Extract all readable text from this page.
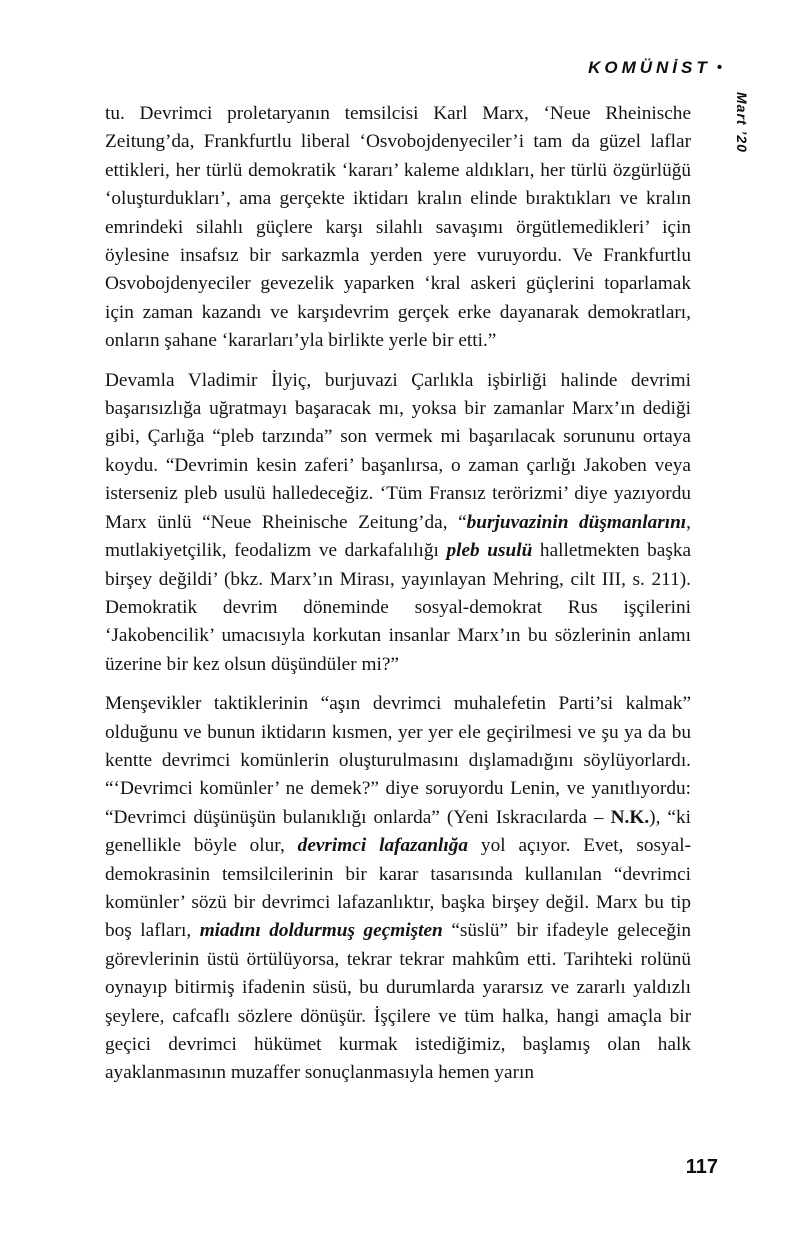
KOMÜNİST •
Mart ’20

tu. Devrimci proletaryanın temsilcisi Karl Marx, ‘Neue Rheinische Zeitung’da, Frankfurtlu liberal ‘Osvobojdenyeciler’i tam da güzel laflar ettikleri, her türlü demokratik ‘kararı’ kaleme aldıkları, her türlü özgürlüğü ‘oluşturdukları’, ama gerçekte iktidarı kralın elinde bıraktıkları ve kralın emrindeki silahlı güçlere karşı silahlı savaşımı örgütlemedikleri’ için öylesine insafsız bir sarkazmla yerden yere vuruyordu. Ve Frankfurtlu Osvobojdenyeciler gevezelik yaparken ‘kral askeri güçlerini toparlamak için zaman kazandı ve karşıdevrim gerçek erke dayanarak demokratları, onların şahane ‘kararları’yla birlikte yerle bir etti.”

Devamla Vladimir İlyiç, burjuvazi Çarlıkla işbirliği halinde devrimi başarısızlığa uğratmayı başaracak mı, yoksa bir zamanlar Marx’ın dediği gibi, Çarlığa “pleb tarzında” son vermek mi başarılacak sorununu ortaya koydu. “Devrimin kesin zaferi’ başanlırsa, o zaman çarlığı Jakoben veya isterseniz pleb usulü halledeceğiz. ‘Tüm Fransız terörizmi’ diye yazıyordu Marx ünlü “Neue Rheinische Zeitung’da, “burjuvazinin düşmanlarını, mutlakiyetçilik, feodalizm ve darkafalılığı pleb usulü halletmekten başka birşey değildi’ (bkz. Marx’ın Mirası, yayınlayan Mehring, cilt III, s. 211). Demokratik devrim döneminde sosyal-demokrat Rus işçilerini ‘Jakobencilik’ umacısıyla korkutan insanlar Marx’ın bu sözlerinin anlamı üzerine bir kez olsun düşündüler mi?”

Menşevikler taktiklerinin “aşın devrimci muhalefetin Parti’si kalmak” olduğunu ve bunun iktidarın kısmen, yer yer ele geçirilmesi ve şu ya da bu kentte devrimci komünlerin oluşturulmasını dışlamadığını söylüyorlardı. “‘Devrimci komünler’ ne demek?” diye soruyordu Lenin, ve yanıtlıyordu: “Devrimci düşünüşün bulanıklığı onlarda” (Yeni Iskracılarda – N.K.), “ki genellikle böyle olur, devrimci lafazanlığa yol açıyor. Evet, sosyal-demokrasinin temsilcilerinin bir karar tasarısında kullanılan “devrimci komünler’ sözü bir devrimci lafazanlıktır, başka birşey değil. Marx bu tip boş lafları, miadını doldurmuş geçmişten “süslü” bir ifadeyle geleceğin görevlerinin üstü örtülüyorsa, tekrar tekrar mahkûm etti. Tarihteki rolünü oynayıp bitirmiş ifadenin süsü, bu durumlarda yararsız ve zararlı yaldızlı şeylere, cafcaflı sözlere dönüşür. İşçilere ve tüm halka, hangi amaçla bir geçici devrimci hükümet kurmak istediğimiz, başlamış olan halk ayaklanmasının muzaffer sonuçlanmasıyla hemen yarın

117
